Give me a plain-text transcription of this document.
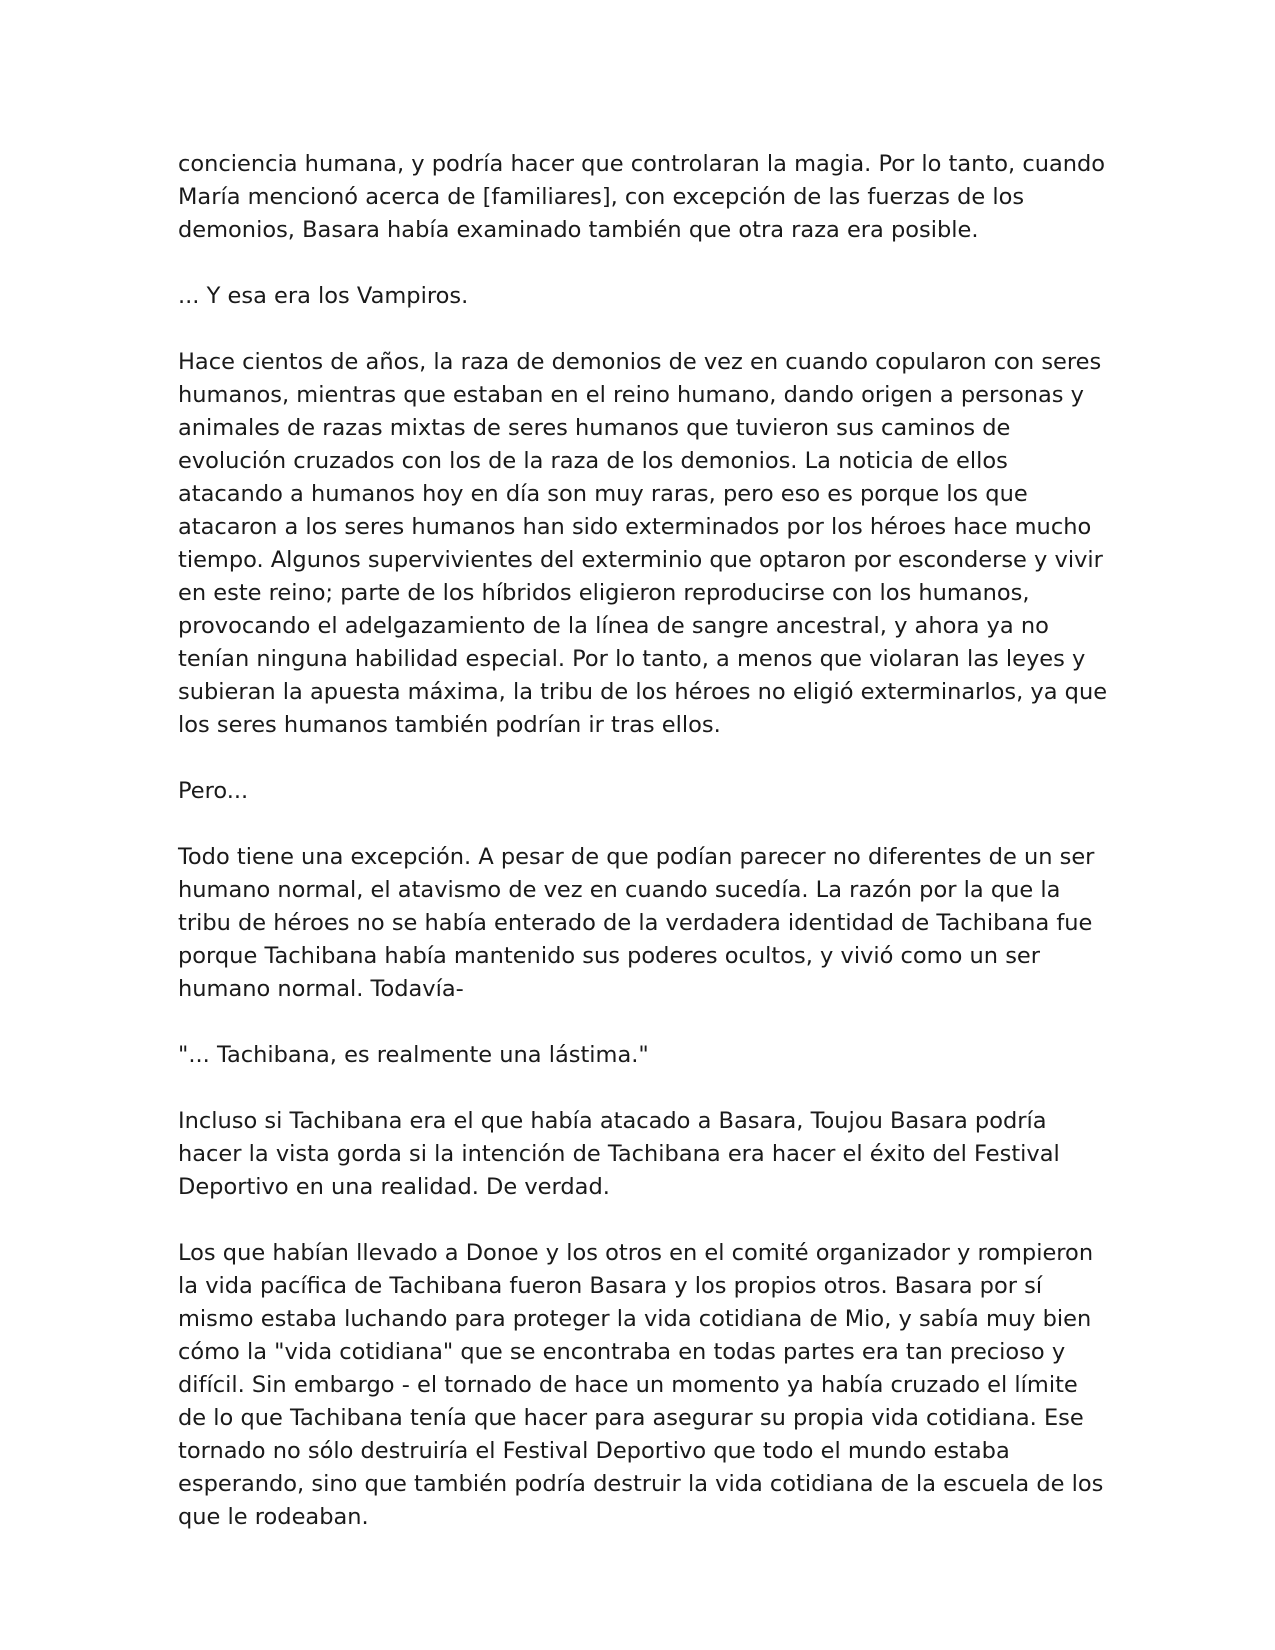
conciencia humana, y podría hacer que controlaran la magia. Por lo tanto, cuando María mencionó acerca de [familiares], con excepción de las fuerzas de los demonios, Basara había examinado también que otra raza era posible.

... Y esa era los Vampiros.

Hace cientos de años, la raza de demonios de vez en cuando copularon con seres humanos, mientras que estaban en el reino humano, dando origen a personas y animales de razas mixtas de seres humanos que tuvieron sus caminos de evolución cruzados con los de la raza de los demonios. La noticia de ellos atacando a humanos hoy en día son muy raras, pero eso es porque los que atacaron a los seres humanos han sido exterminados por los héroes hace mucho tiempo. Algunos supervivientes del exterminio que optaron por esconderse y vivir en este reino; parte de los híbridos eligieron reproducirse con los humanos, provocando el adelgazamiento de la línea de sangre ancestral, y ahora ya no tenían ninguna habilidad especial. Por lo tanto, a menos que violaran las leyes y subieran la apuesta máxima, la tribu de los héroes no eligió exterminarlos, ya que los seres humanos también podrían ir tras ellos.

Pero...

Todo tiene una excepción. A pesar de que podían parecer no diferentes de un ser humano normal, el atavismo de vez en cuando sucedía. La razón por la que la tribu de héroes no se había enterado de la verdadera identidad de Tachibana fue porque Tachibana había mantenido sus poderes ocultos, y vivió como un ser humano normal. Todavía-

"... Tachibana, es realmente una lástima."

Incluso si Tachibana era el que había atacado a Basara, Toujou Basara podría hacer la vista gorda si la intención de Tachibana era hacer el éxito del Festival Deportivo en una realidad. De verdad.

Los que habían llevado a Donoe y los otros en el comité organizador y rompieron la vida pacífica de Tachibana fueron Basara y los propios otros. Basara por sí mismo estaba luchando para proteger la vida cotidiana de Mio, y sabía muy bien cómo la "vida cotidiana" que se encontraba en todas partes era tan precioso y difícil. Sin embargo - el tornado de hace un momento ya había cruzado el límite de lo que Tachibana tenía que hacer para asegurar su propia vida cotidiana. Ese tornado no sólo destruiría el Festival Deportivo que todo el mundo estaba esperando, sino que también podría destruir la vida cotidiana de la escuela de los que le rodeaban.
